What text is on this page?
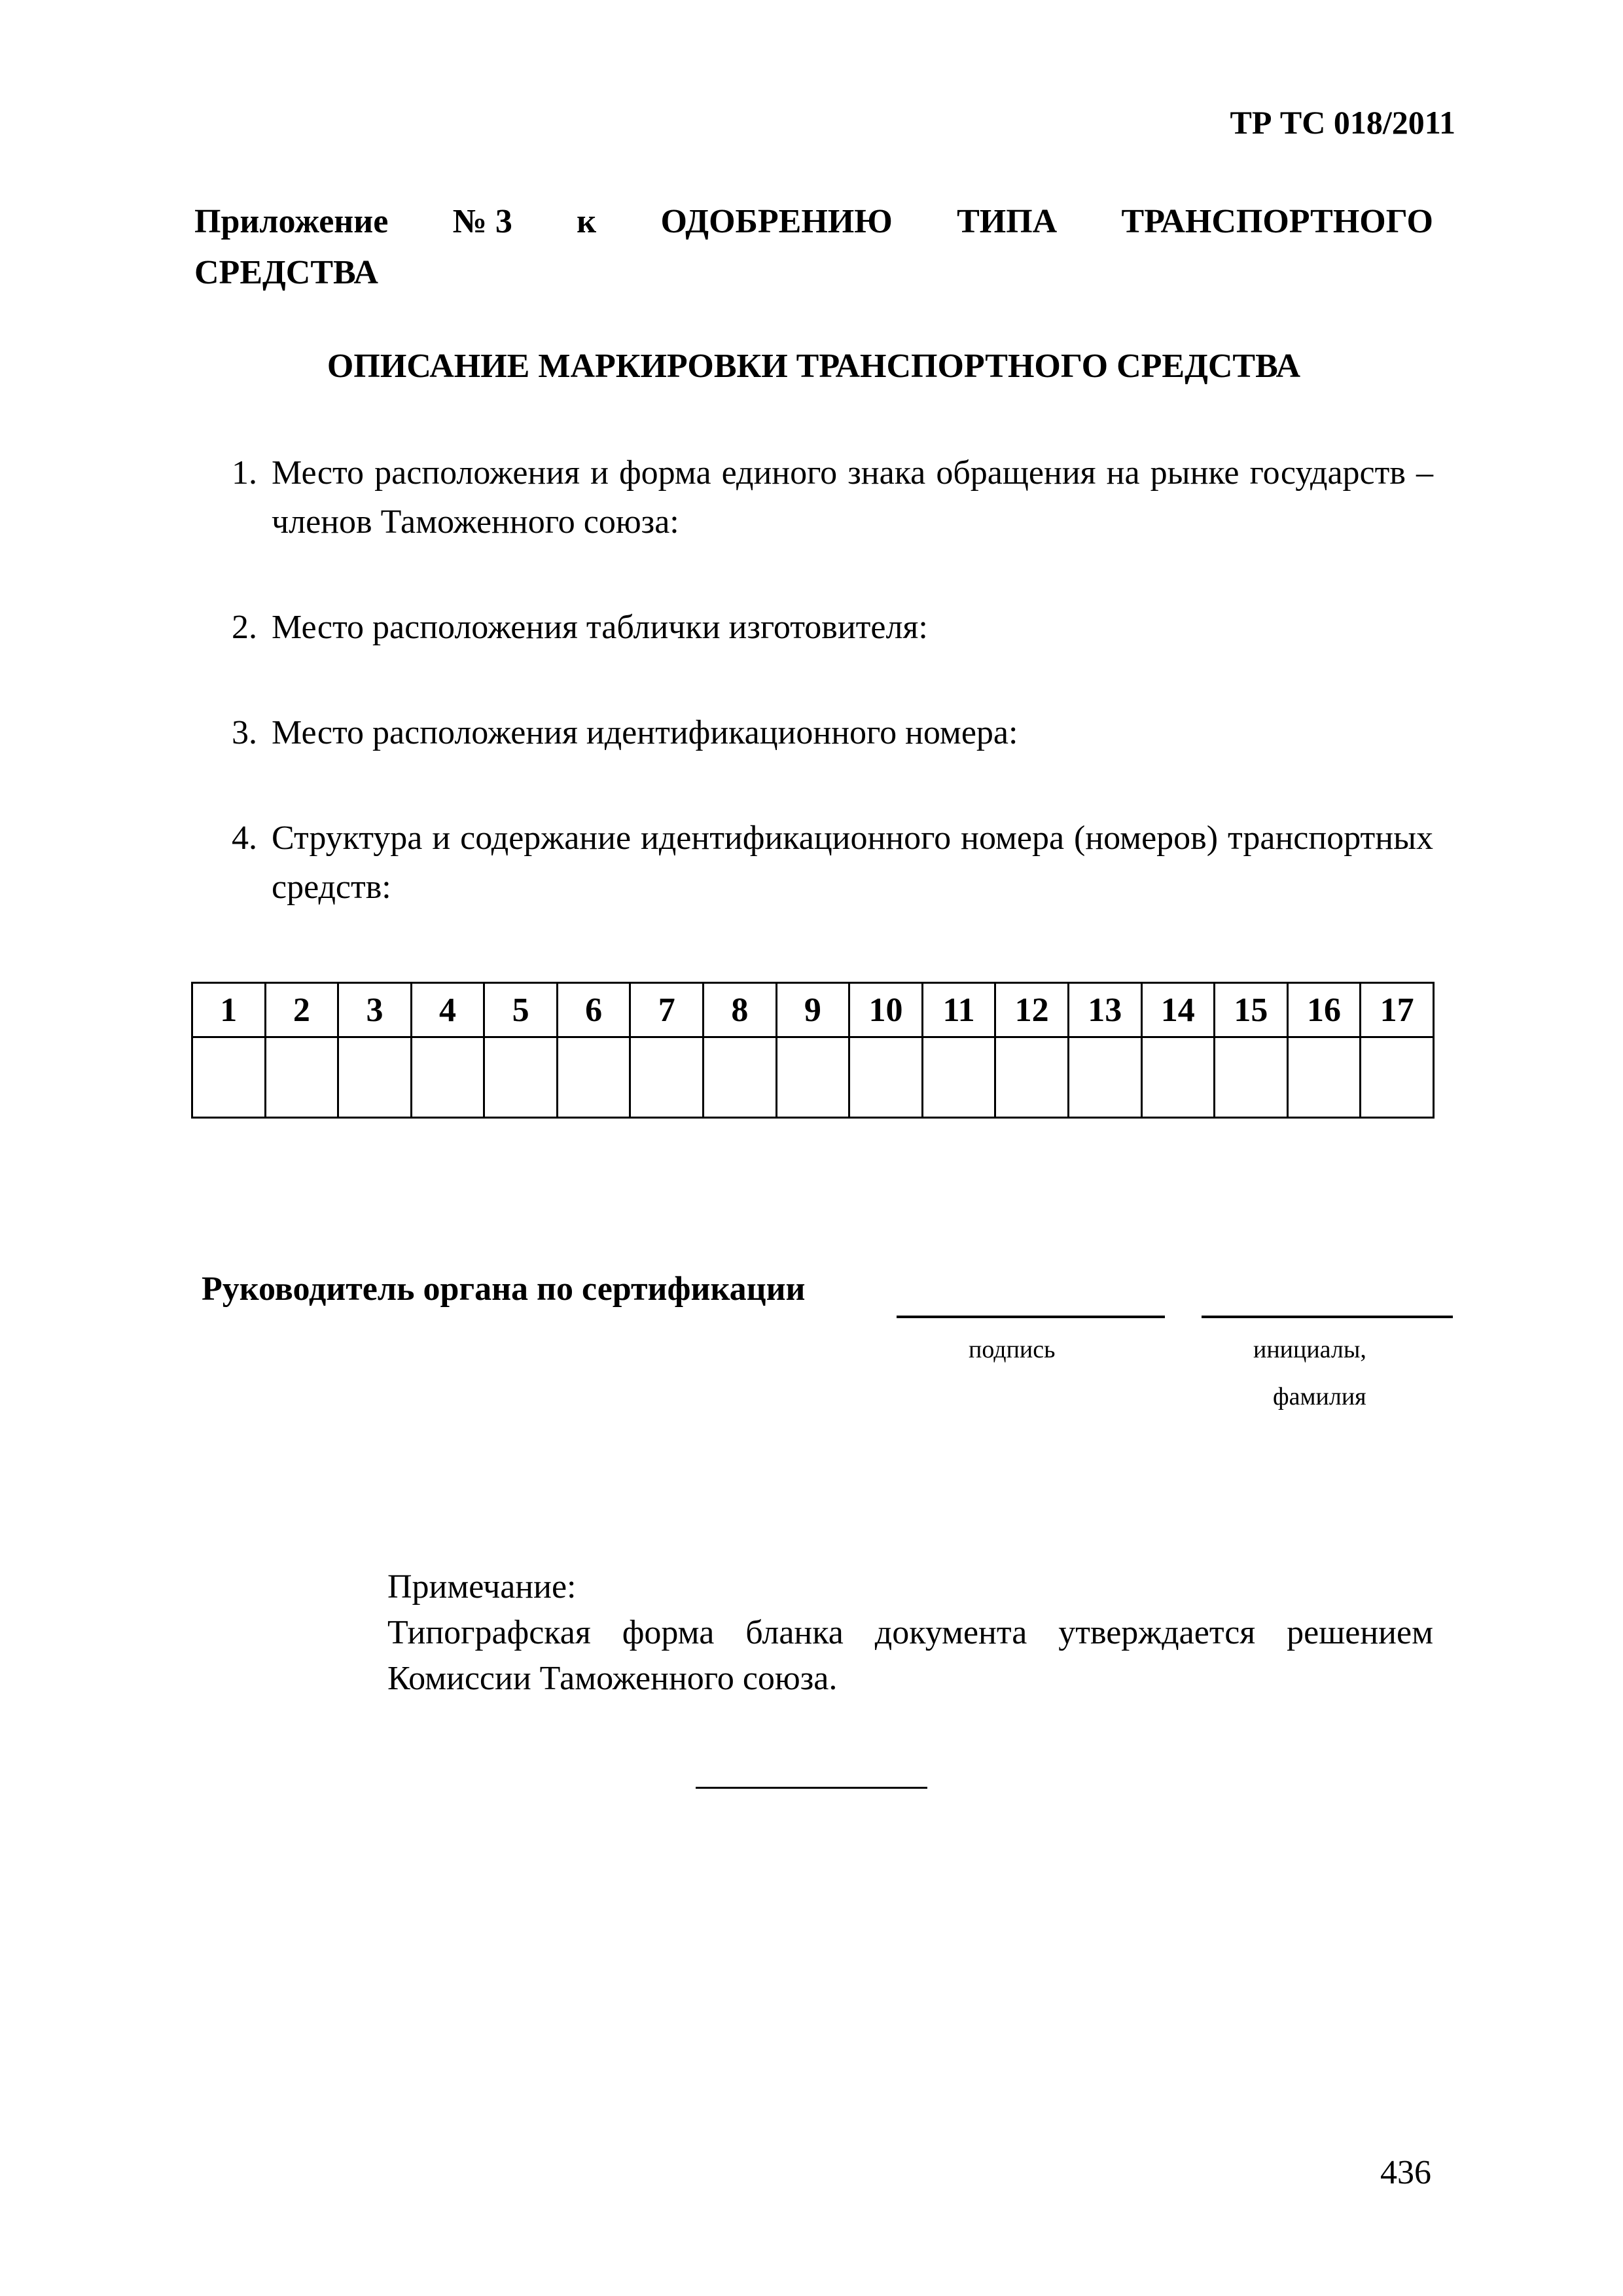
ТР ТС 018/2011
Приложение № 3 к ОДОБРЕНИЮ ТИПА ТРАНСПОРТНОГО
СРЕДСТВА
ОПИСАНИЕ МАРКИРОВКИ ТРАНСПОРТНОГО СРЕДСТВА
1. Место расположения и форма единого знака обращения на рынке государств – членов Таможенного союза:
2. Место расположения таблички изготовителя:
3. Место расположения идентификационного номера:
4. Структура и содержание идентификационного номера (номеров) транспортных средств:
1	2	3	4	5	6	7	8	9	10	11	12	13	14	15	16	17

Руководитель органа по сертификации
подпись	инициалы,
фамилия
Примечание:
Типографская форма бланка документа утверждается решением Комиссии Таможенного союза.
436
